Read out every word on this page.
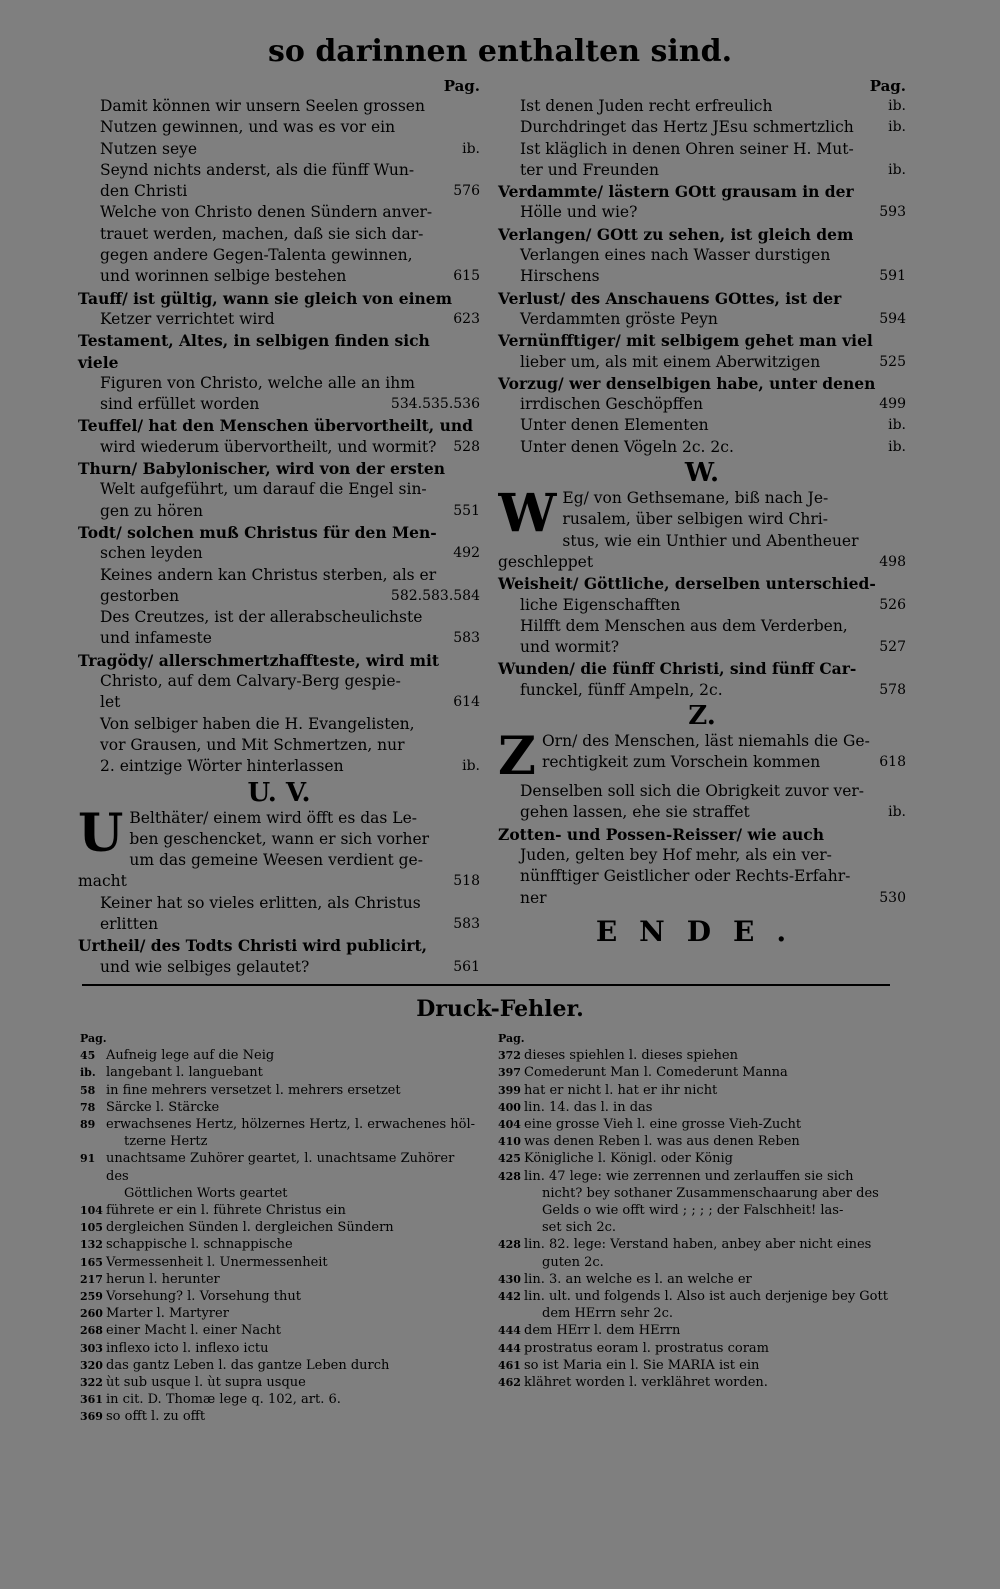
so darinnen enthalten sind.
Pag.
Damit können wir unsern Seelen grossen
Nutzen gewinnen, und was es vor ein
Nutzen seye	ib.
Seynd nichts anderst, als die fünff Wun-
den Christi	576
Welche von Christo denen Sündern anver-
trauet werden, machen, daß sie sich dar-
gegen andere Gegen-Talenta gewinnen,
und worinnen selbige bestehen	615
Tauff/ ist gültig, wann sie gleich von einem
Ketzer verrichtet wird	623
Testament, Altes, in selbigen finden sich viele
Figuren von Christo, welche alle an ihm
sind erfüllet worden	534.535.536
Teuffel/ hat den Menschen übervortheilt, und
wird wiederum übervortheilt, und wormit?	528
Thurn/ Babylonischer, wird von der ersten
Welt aufgeführt, um darauf die Engel sin-
gen zu hören	551
Todt/ solchen muß Christus für den Men-
schen leyden	492
Keines andern kan Christus sterben, als er
gestorben	582.583.584
Des Creutzes, ist der allerabscheulichste
und infameste	583
Tragödy/ allerschmertzhaffteste, wird mit
Christo, auf dem Calvary-Berg gespie-
let	614
Von selbiger haben die H. Evangelisten,
vor Grausen, und Mit Schmertzen, nur
2. eintzige Wörter hinterlassen	ib.
U. V.
U Belthäter/ einem wird öfft es das Le-
ben geschencket, wann er sich vorher
um das gemeine Weesen verdient ge-
macht	518
Keiner hat so vieles erlitten, als Christus
erlitten	583
Urtheil/ des Todts Christi wird publicirt,
und wie selbiges gelautet?	561
Pag.
Ist denen Juden recht erfreulich	ib.
Durchdringet das Hertz JEsu schmertzlich	ib.
Ist kläglich in denen Ohren seiner H. Mut-
ter und Freunden	ib.
Verdammte/ lästern GOtt grausam in der
Hölle und wie?	593
Verlangen/ GOtt zu sehen, ist gleich dem
Verlangen eines nach Wasser durstigen
Hirschens	591
Verlust/ des Anschauens GOttes, ist der
Verdammten gröste Peyn	594
Vernünfftiger/ mit selbigem gehet man viel
lieber um, als mit einem Aberwitzigen	525
Vorzug/ wer denselbigen habe, unter denen
irrdischen Geschöpffen	499
Unter denen Elementen	ib.
Unter denen Vögeln 2c. 2c.	ib.
W.
W Eg/ von Gethsemane, biß nach Je-
rusalem, über selbigen wird Chri-
stus, wie ein Unthier und Abentheuer
geschleppet	498
Weisheit/ Göttliche, derselben unterschied-
liche Eigenschafften	526
Hilfft dem Menschen aus dem Verderben,
und wormit?	527
Wunden/ die fünff Christi, sind fünff Car-
funckel, fünff Ampeln, 2c.	578
Z.
Z Orn/ des Menschen, läst niemahls die Ge-
rechtigkeit zum Vorschein kommen	618
Denselben soll sich die Obrigkeit zuvor ver-
gehen lassen, ehe sie straffet	ib.
Zotten- und Possen-Reisser/ wie auch
Juden, gelten bey Hof mehr, als ein ver-
nünfftiger Geistlicher oder Rechts-Erfahr-
ner	530
ENDE.
Druck-Fehler.
Pag.
45 Aufneig lege auf die Neig
ib. langebant l. languebant
58 in fine mehrers versetzet l. mehrers ersetzet
78 Särcke l. Stärcke
89 erwachsenes Hertz, hölzernes Hertz, l. erwachenes höl-
tzerne Hertz
91 unachtsame Zuhörer geartet, l. unachtsame Zuhörer des
Göttlichen Worts geartet
104 führete er ein l. führete Christus ein
105 dergleichen Sünden l. dergleichen Sündern
132 schappische l. schnappische
165 Vermessenheit l. Unermessenheit
217 herun l. herunter
259 Vorsehung? l. Vorsehung thut
260 Marter l. Martyrer
268 einer Macht l. einer Nacht
303 inflexo icto l. inflexo ictu
320 das gantz Leben l. das gantze Leben durch
322 ùt sub usque l. ùt supra usque
361 in cit. D. Thomæ lege q. 102, art. 6.
369 so offt l. zu offt
Pag.
372 dieses spiehlen l. dieses spiehen
397 Comederunt Man l. Comederunt Manna
399 hat er nicht l. hat er ihr nicht
400 lin. 14. das l. in das
404 eine grosse Vieh l. eine grosse Vieh-Zucht
410 was denen Reben l. was aus denen Reben
425 Königliche l. Königl. oder König
428 lin. 47 lege: wie zerrennen und zerlauffen sie sich
nicht? bey sothaner Zusammenschaarung aber des
Gelds o wie offt wird ; ; ; ; der Falschheit! las-
set sich 2c.
428 lin. 82. lege: Verstand haben, anbey aber nicht eines
guten 2c.
430 lin. 3. an welche es l. an welche er
442 lin. ult. und folgends l. Also ist auch derjenige bey Gott
dem HErrn sehr 2c.
444 dem HErr l. dem HErrn
444 prostratus eoram l. prostratus coram
461 so ist Maria ein l. Sie MARIA ist ein
462 klähret worden l. verklähret worden.
